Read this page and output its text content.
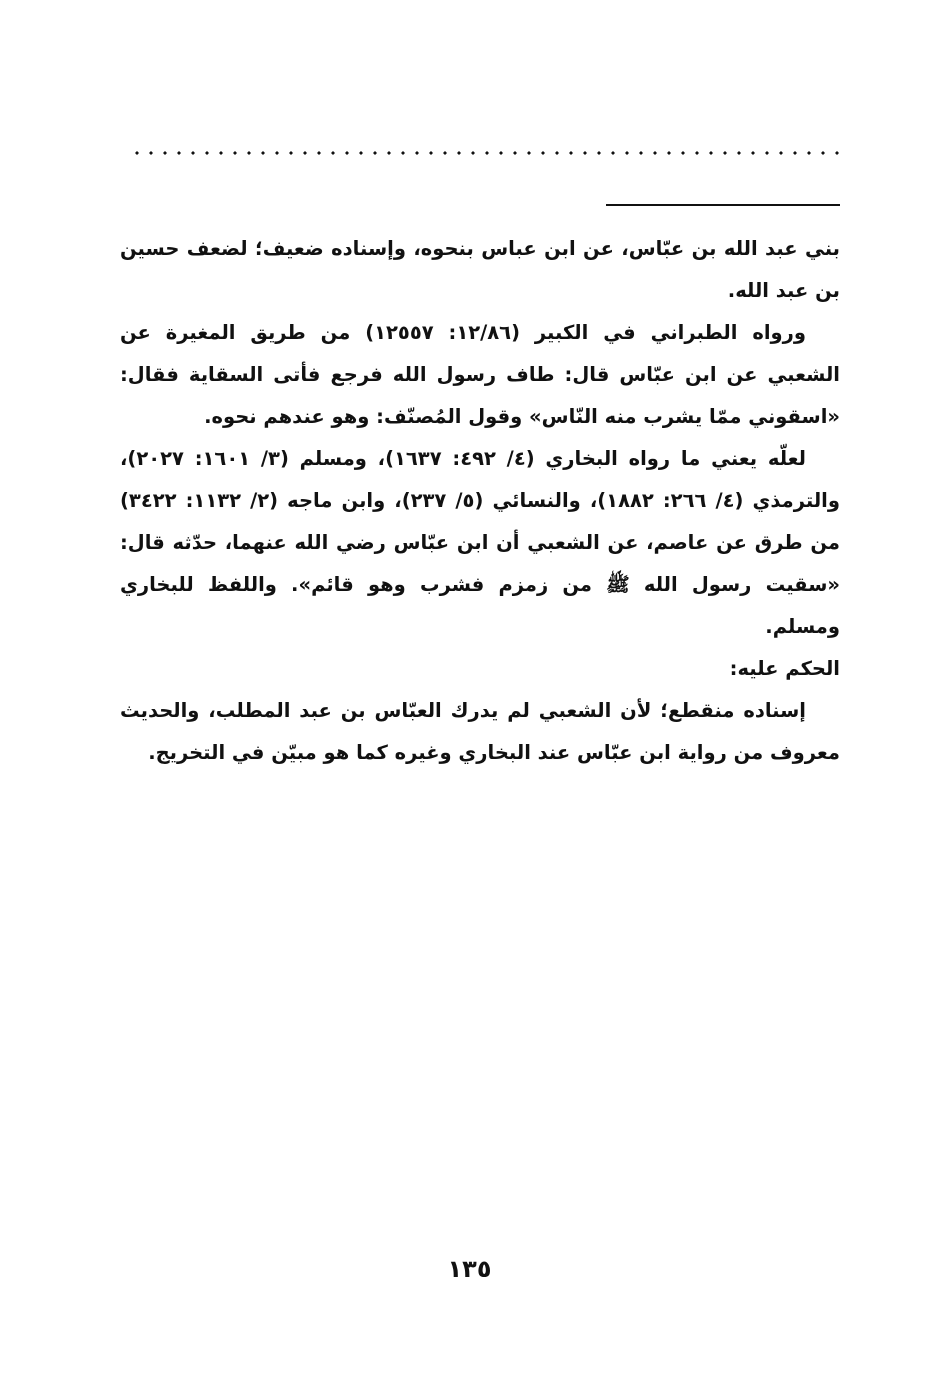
بني عبد الله بن عبّاس، عن ابن عباس بنحوه، وإسناده ضعيف؛ لضعف حسين بن عبد الله.

ورواه الطبراني في الكبير (١٢/٨٦: ١٢٥٥٧) من طريق المغيرة عن الشعبي عن ابن عبّاس قال: طاف رسول الله فرجع فأتى السقاية فقال: «اسقوني ممّا يشرب منه النّاس» وقول المُصنّف: وهو عندهم نحوه.

لعلّه يعني ما رواه البخاري (٤/ ٤٩٢: ١٦٣٧)، ومسلم (٣/ ١٦٠١: ٢٠٢٧)، والترمذي (٤/ ٢٦٦: ١٨٨٢)، والنسائي (٥/ ٢٣٧)، وابن ماجه (٢/ ١١٣٢: ٣٤٢٢) من طرق عن عاصم، عن الشعبي أن ابن عبّاس رضي الله عنهما، حدّثه قال: «سقيت رسول الله ﷺ من زمزم فشرب وهو قائم». واللفظ للبخاري ومسلم.

الحكم عليه:

إسناده منقطع؛ لأن الشعبي لم يدرك العبّاس بن عبد المطلب، والحديث معروف من رواية ابن عبّاس عند البخاري وغيره كما هو مبيّن في التخريج.

١٣٥
